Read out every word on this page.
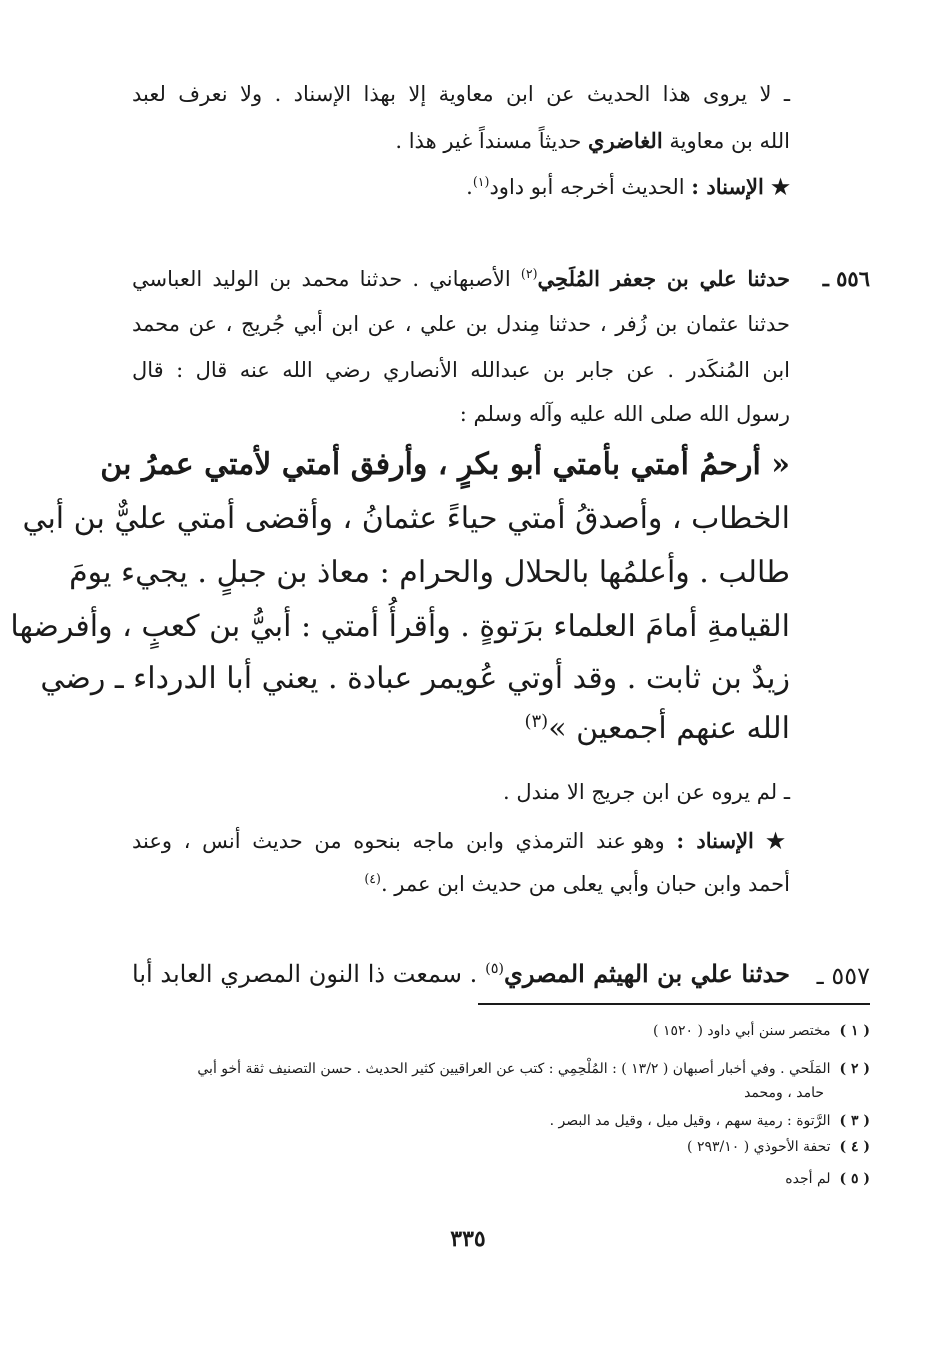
ـ لا يروى هذا الحديث عن ابن معاوية إلا بهذا الإسناد . ولا نعرف لعبد
الله بن معاوية الغاضري حديثاً مسنداً غير هذا .
★ الإسناد : الحديث أخرجه أبو داود$^{(١)}$.
٥٥٦ ـ
حدثنا علي بن جعفر المُلَحِي$^{(٢)}$ الأصبهاني . حدثنا محمد بن الوليد العباسي
حدثنا عثمان بن زُفر ، حدثنا مِندل بن علي ، عن ابن أبي جُريج ، عن محمد
ابن المُنكَدر . عن جابر بن عبدالله الأنصاري رضي الله عنه قال : قال
رسول الله صلى الله عليه وآله وسلم :
« أرحمُ أمتي بأمتي أبو بكرٍ ، وأرفق أمتي لأمتي عمرُ بن
الخطاب ، وأصدقُ أمتي حياءً عثمانُ ، وأقضى أمتي عليٌّ بن أبي
طالب . وأعلمُها بالحلال والحرام : معاذ بن جبلٍ . يجيء يومَ
القيامةِ أمامَ العلماء برَتوةٍ . وأقرأُ أمتي : أبيُّ بن كعبٍ ، وأفرضها
زيدٌ بن ثابت . وقد أوتي عُويمر عبادة . يعني أبا الدرداء ـ رضي
الله عنهم أجمعين »$^{(٣)}$
ـ لم يروه عن ابن جريج الا مندل .
★ الإسناد : وهو عند الترمذي وابن ماجه بنحوه من حديث أنس ، وعند
أحمد وابن حبان وأبي يعلى من حديث ابن عمر .$^{(٤)}$
٥٥٧ ـ
حدثنا علي بن الهيثم المصري$^{(٥)}$ . سمعت ذا النون المصري العابد أبا
( ١ )  مختصر سنن أبي داود ( ١٥٢٠ )
( ٢ )  المَلَحي . وفي أخبار أصبهان ( ١٣/٢ ) : المُلْحِمِي : كتب عن العراقيين كثير الحديث . حسن التصنيف ثقة أخو أبي
حامد ، ومحمد
( ٣ )  الرَّتوة : رمية سهم ، وقيل ميل ، وقيل مد البصر .
( ٤ )  تحفة الأحوذي ( ٢٩٣/١٠ )
( ٥ )  لم أجده
٣٣٥
